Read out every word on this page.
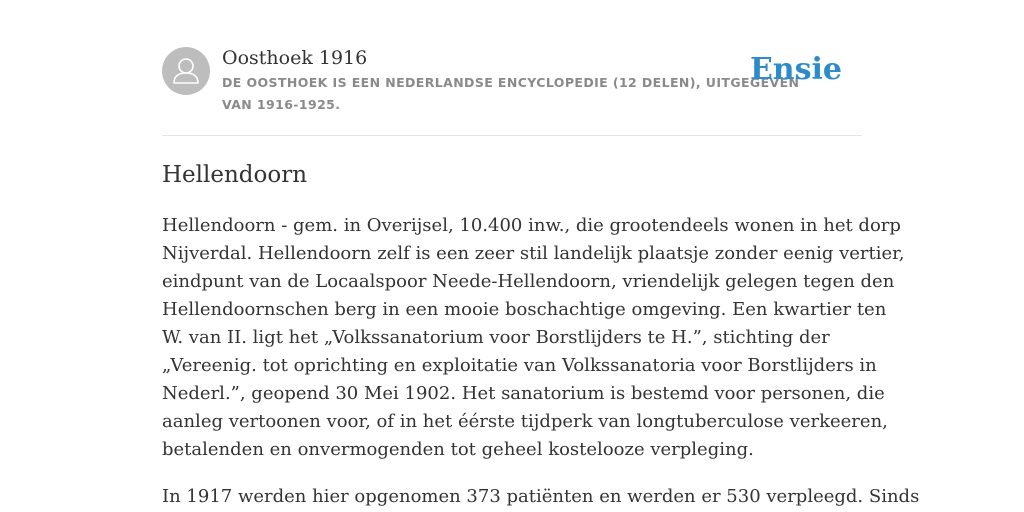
Oosthoek 1916
DE OOSTHOEK IS EEN NEDERLANDSE ENCYCLOPEDIE (12 DELEN), UITGEGEVEN
VAN 1916-1925.
Ensie
Hellendoorn

Hellendoorn - gem. in Overijsel, 10.400 inw., die grootendeels wonen in het dorp
Nijverdal. Hellendoorn zelf is een zeer stil landelijk plaatsje zonder eenig vertier,
eindpunt van de Locaalspoor Neede-Hellendoorn, vriendelijk gelegen tegen den
Hellendoornschen berg in een mooie boschachtige omgeving. Een kwartier ten
W. van II. ligt het „Volkssanatorium voor Borstlijders te H.”, stichting der
„Vereenig. tot oprichting en exploitatie van Volkssanatoria voor Borstlijders in
Nederl.”, geopend 30 Mei 1902. Het sanatorium is bestemd voor personen, die
aanleg vertoonen voor, of in het éérste tijdperk van longtuberculose verkeeren,
betalenden en onvermogenden tot geheel kostelooze verpleging.

In 1917 werden hier opgenomen 373 patiënten en werden er 530 verpleegd. Sinds
